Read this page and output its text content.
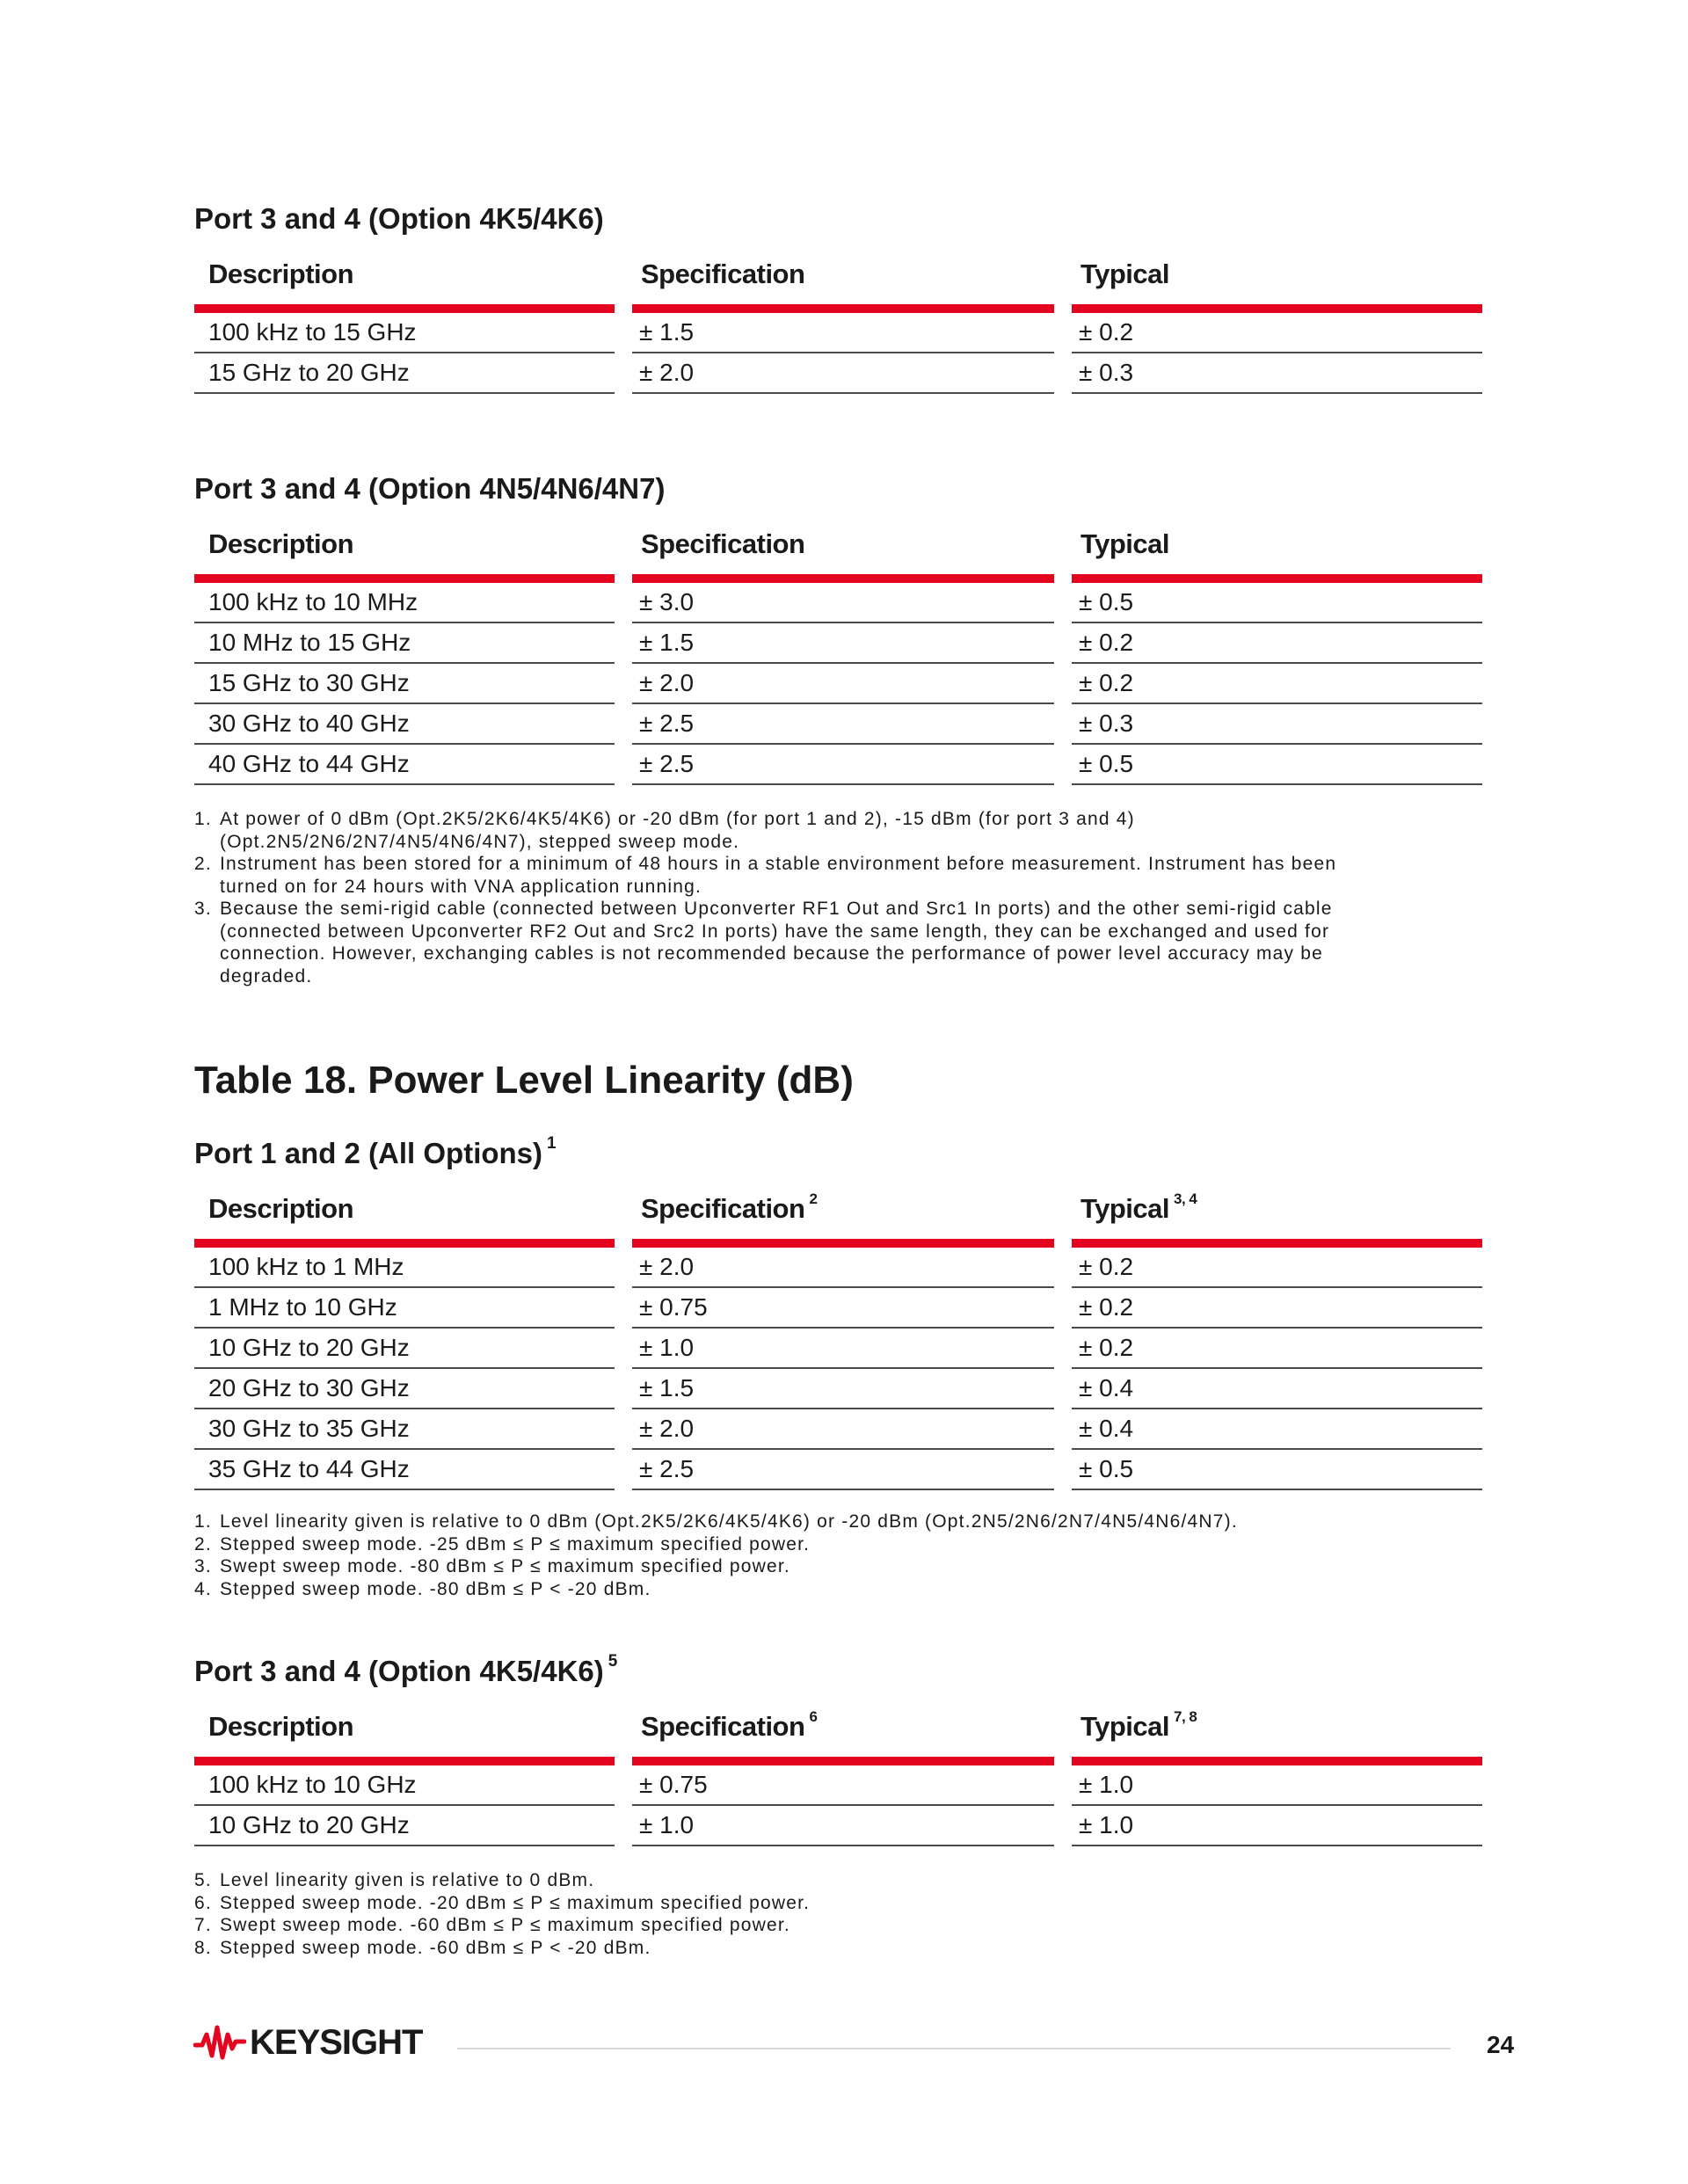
Port 3 and 4 (Option 4K5/4K6)
Description		Specification		Typical
100 kHz to 15 GHz		± 1.5		± 0.2
15 GHz to 20 GHz		± 2.0		± 0.3
Port 3 and 4 (Option 4N5/4N6/4N7)
Description		Specification		Typical
100 kHz to 10 MHz		± 3.0		± 0.5
10 MHz to 15 GHz		± 1.5		± 0.2
15 GHz to 30 GHz		± 2.0		± 0.2
30 GHz to 40 GHz		± 2.5		± 0.3
40 GHz to 44 GHz		± 2.5		± 0.5
1. At power of 0 dBm (Opt.2K5/2K6/4K5/4K6) or -20 dBm (for port 1 and 2), -15 dBm (for port 3 and 4)
(Opt.2N5/2N6/2N7/4N5/4N6/4N7), stepped sweep mode.
2. Instrument has been stored for a minimum of 48 hours in a stable environment before measurement. Instrument has been
turned on for 24 hours with VNA application running.
3. Because the semi-rigid cable (connected between Upconverter RF1 Out and Src1 In ports) and the other semi-rigid cable
(connected between Upconverter RF2 Out and Src2 In ports) have the same length, they can be exchanged and used for
connection. However, exchanging cables is not recommended because the performance of power level accuracy may be
degraded.
Table 18. Power Level Linearity (dB)
Port 1 and 2 (All Options) $^1$
Description		Specification $^2$		Typical $^{3, 4}$
100 kHz to 1 MHz		± 2.0		± 0.2
1 MHz to 10 GHz		± 0.75		± 0.2
10 GHz to 20 GHz		± 1.0		± 0.2
20 GHz to 30 GHz		± 1.5		± 0.4
30 GHz to 35 GHz		± 2.0		± 0.4
35 GHz to 44 GHz		± 2.5		± 0.5
1. Level linearity given is relative to 0 dBm (Opt.2K5/2K6/4K5/4K6) or -20 dBm (Opt.2N5/2N6/2N7/4N5/4N6/4N7).
2. Stepped sweep mode. -25 dBm ≤ P ≤ maximum specified power.
3. Swept sweep mode. -80 dBm ≤ P ≤ maximum specified power.
4. Stepped sweep mode. -80 dBm ≤ P < -20 dBm.
Port 3 and 4 (Option 4K5/4K6) $^5$
Description		Specification $^6$		Typical $^{7, 8}$
100 kHz to 10 GHz		± 0.75		± 1.0
10 GHz to 20 GHz		± 1.0		± 1.0
5. Level linearity given is relative to 0 dBm.
6. Stepped sweep mode. -20 dBm ≤ P ≤ maximum specified power.
7. Swept sweep mode. -60 dBm ≤ P ≤ maximum specified power.
8. Stepped sweep mode. -60 dBm ≤ P < -20 dBm.
KEYSIGHT	24
